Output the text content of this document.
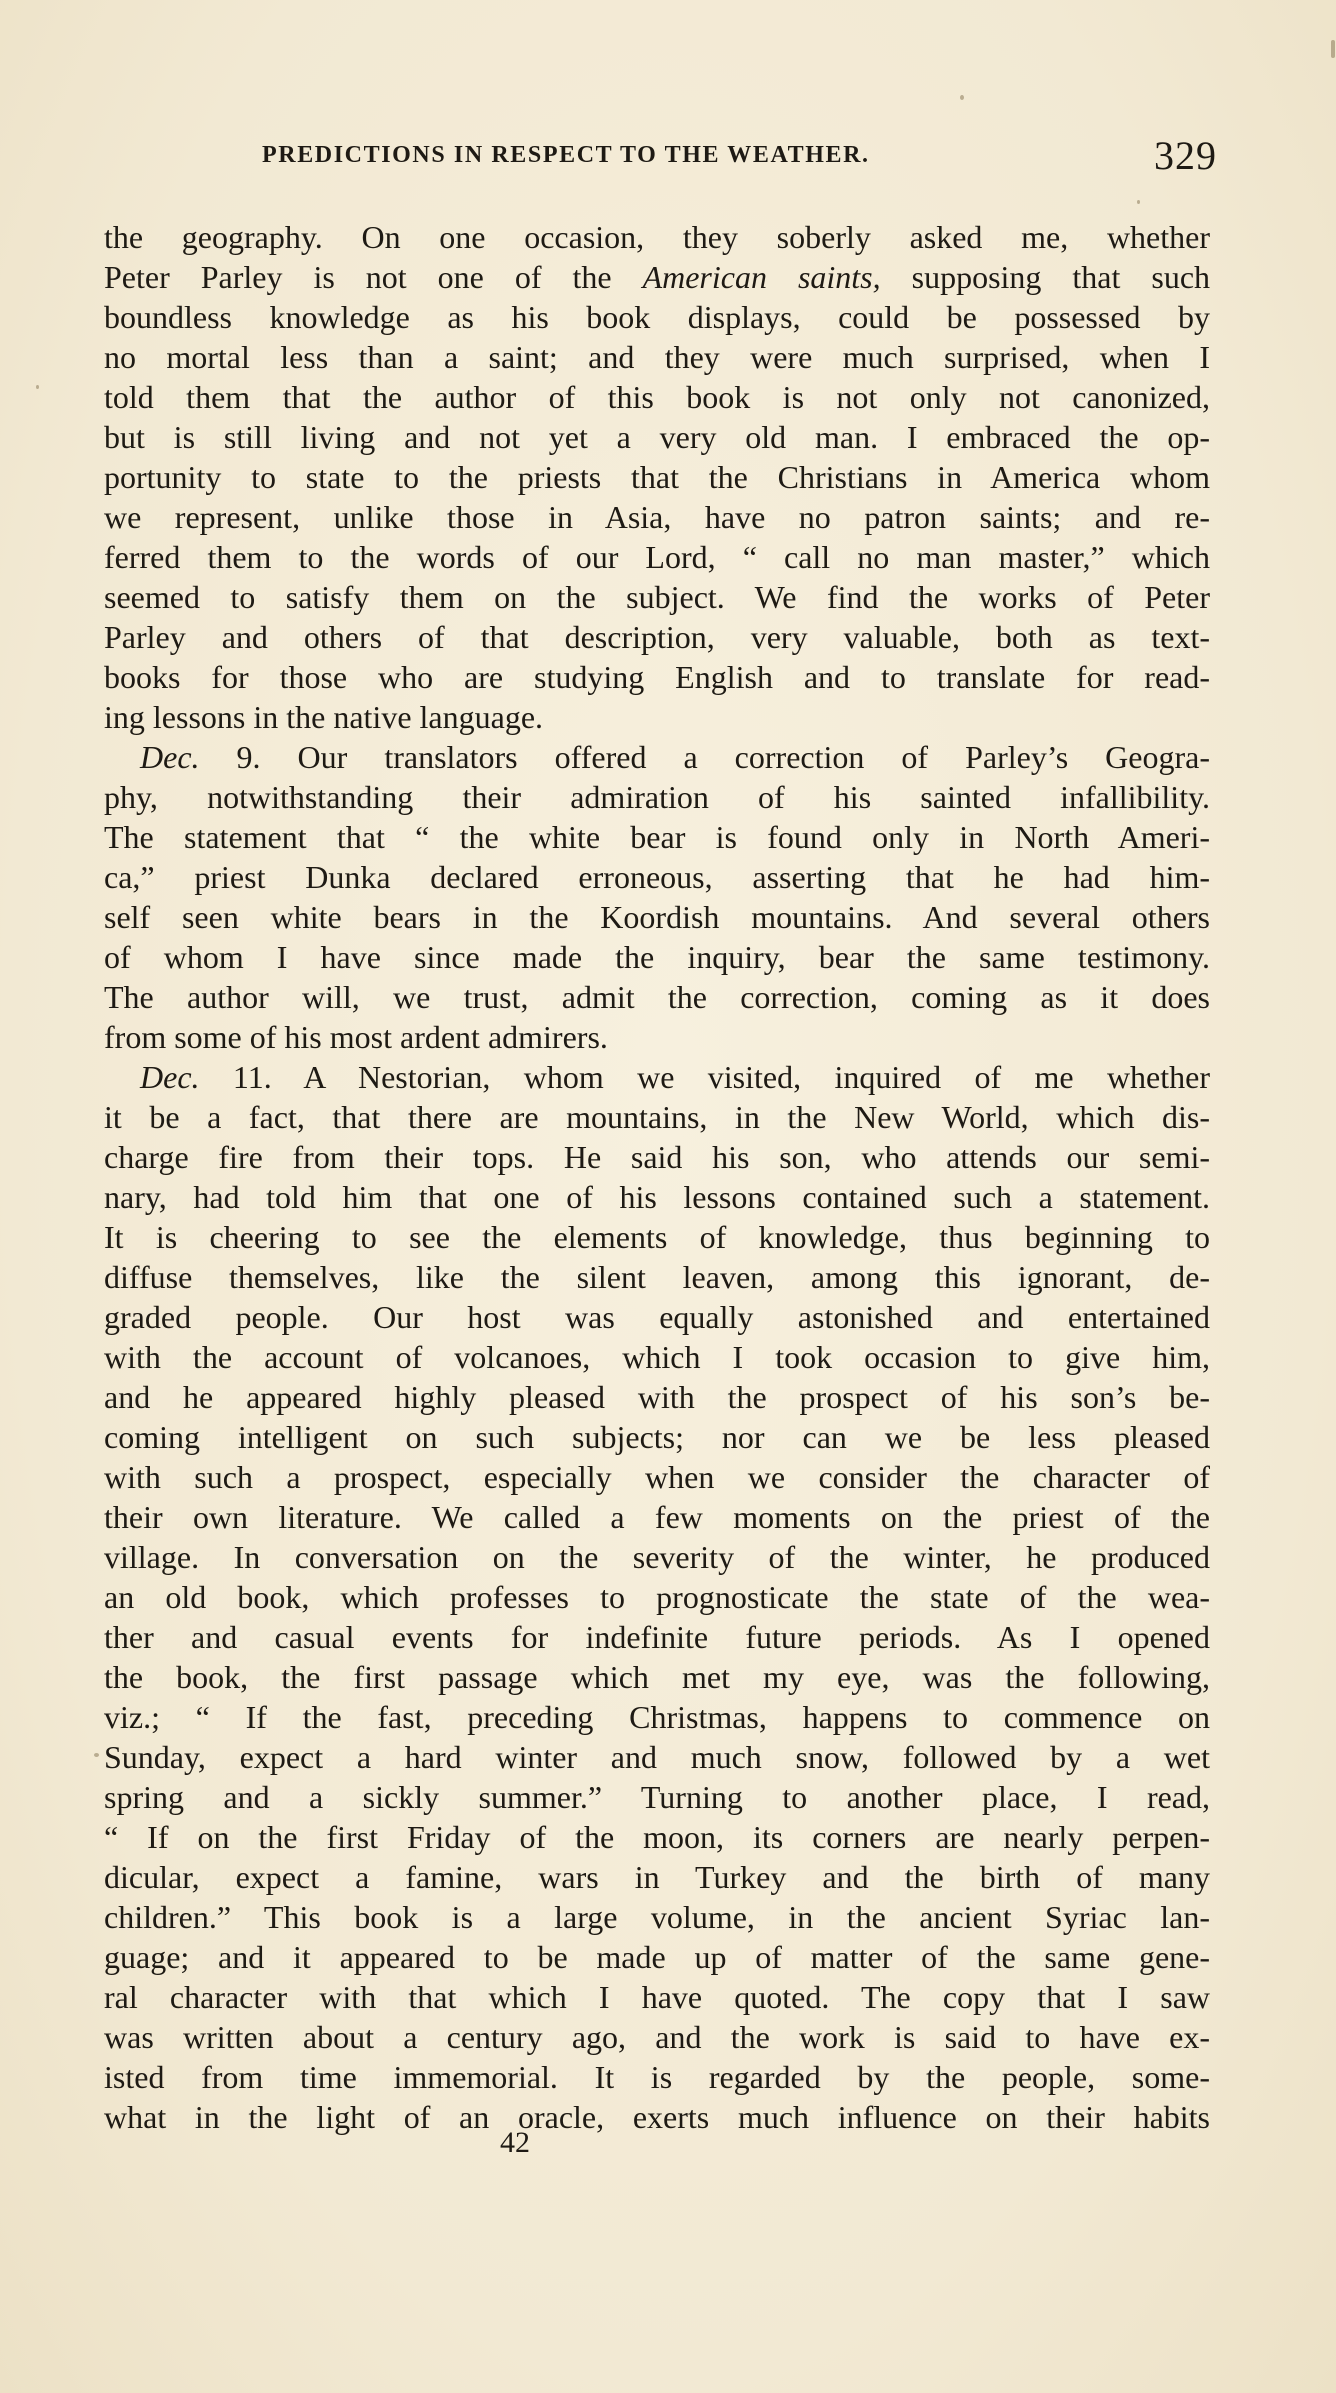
PREDICTIONS IN RESPECT TO THE WEATHER.	329
the geography. On one occasion, they soberly asked me, whether
Peter Parley is not one of the American saints, supposing that such
boundless knowledge as his book displays, could be possessed by
no mortal less than a saint; and they were much surprised, when I
told them that the author of this book is not only not canonized,
but is still living and not yet a very old man. I embraced the op-
portunity to state to the priests that the Christians in America whom
we represent, unlike those in Asia, have no patron saints; and re-
ferred them to the words of our Lord, “ call no man master,” which
seemed to satisfy them on the subject. We find the works of Peter
Parley and others of that description, very valuable, both as text-
books for those who are studying English and to translate for read-
ing lessons in the native language.
Dec. 9. Our translators offered a correction of Parley’s Geogra-
phy, notwithstanding their admiration of his sainted infallibility.
The statement that “ the white bear is found only in North Ameri-
ca,” priest Dunka declared erroneous, asserting that he had him-
self seen white bears in the Koordish mountains. And several others
of whom I have since made the inquiry, bear the same testimony.
The author will, we trust, admit the correction, coming as it does
from some of his most ardent admirers.
Dec. 11. A Nestorian, whom we visited, inquired of me whether
it be a fact, that there are mountains, in the New World, which dis-
charge fire from their tops. He said his son, who attends our semi-
nary, had told him that one of his lessons contained such a statement.
It is cheering to see the elements of knowledge, thus beginning to
diffuse themselves, like the silent leaven, among this ignorant, de-
graded people. Our host was equally astonished and entertained
with the account of volcanoes, which I took occasion to give him,
and he appeared highly pleased with the prospect of his son’s be-
coming intelligent on such subjects; nor can we be less pleased
with such a prospect, especially when we consider the character of
their own literature. We called a few moments on the priest of the
village. In conversation on the severity of the winter, he produced
an old book, which professes to prognosticate the state of the wea-
ther and casual events for indefinite future periods. As I opened
the book, the first passage which met my eye, was the following,
viz.; “ If the fast, preceding Christmas, happens to commence on
Sunday, expect a hard winter and much snow, followed by a wet
spring and a sickly summer.” Turning to another place, I read,
“ If on the first Friday of the moon, its corners are nearly perpen-
dicular, expect a famine, wars in Turkey and the birth of many
children.” This book is a large volume, in the ancient Syriac lan-
guage; and it appeared to be made up of matter of the same gene-
ral character with that which I have quoted. The copy that I saw
was written about a century ago, and the work is said to have ex-
isted from time immemorial. It is regarded by the people, some-
what in the light of an oracle, exerts much influence on their habits
42
